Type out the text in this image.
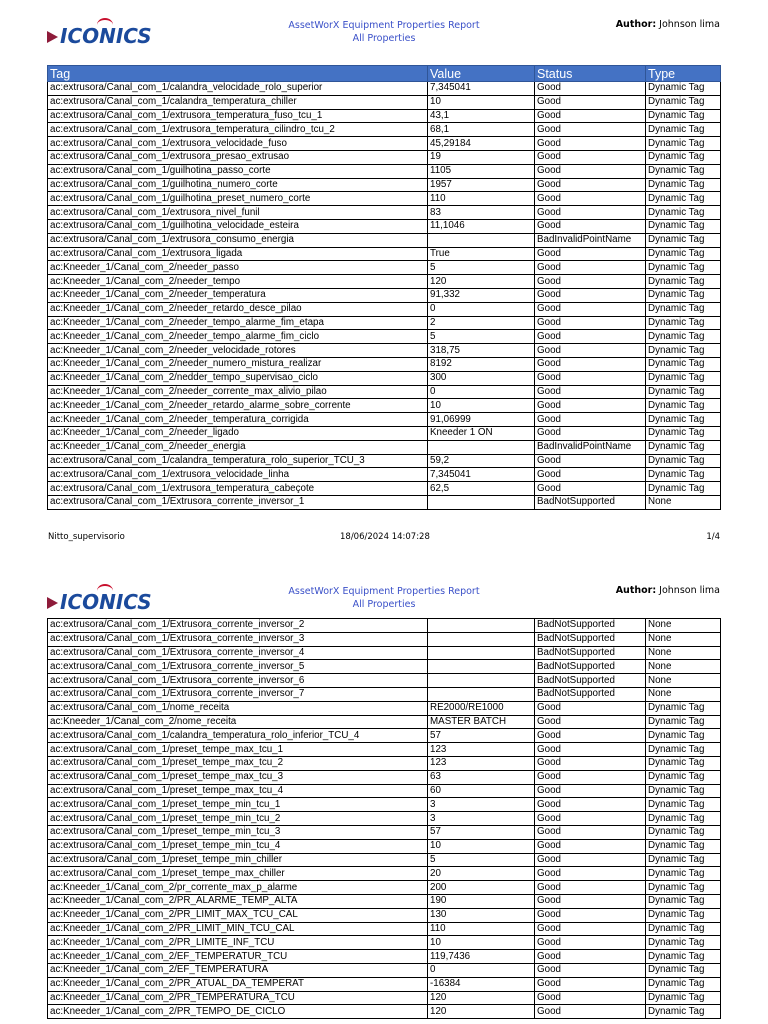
ICONICS	AssetWorX Equipment Properties Report
All Properties
Author: Johnson lima
Tag	Value	Status	Type
ac:extrusora/Canal_com_1/calandra_velocidade_rolo_superior	7,345041	Good	Dynamic Tag
ac:extrusora/Canal_com_1/calandra_temperatura_chiller	10	Good	Dynamic Tag
ac:extrusora/Canal_com_1/extrusora_temperatura_fuso_tcu_1	43,1	Good	Dynamic Tag
ac:extrusora/Canal_com_1/extrusora_temperatura_cilindro_tcu_2	68,1	Good	Dynamic Tag
ac:extrusora/Canal_com_1/extrusora_velocidade_fuso	45,29184	Good	Dynamic Tag
ac:extrusora/Canal_com_1/extrusora_presao_extrusao	19	Good	Dynamic Tag
ac:extrusora/Canal_com_1/guilhotina_passo_corte	1105	Good	Dynamic Tag
ac:extrusora/Canal_com_1/guilhotina_numero_corte	1957	Good	Dynamic Tag
ac:extrusora/Canal_com_1/guilhotina_preset_numero_corte	110	Good	Dynamic Tag
ac:extrusora/Canal_com_1/extrusora_nivel_funil	83	Good	Dynamic Tag
ac:extrusora/Canal_com_1/guilhotina_velocidade_esteira	11,1046	Good	Dynamic Tag
ac:extrusora/Canal_com_1/extrusora_consumo_energia		BadInvalidPointName	Dynamic Tag
ac:extrusora/Canal_com_1/extrusora_ligada	True	Good	Dynamic Tag
ac:Kneeder_1/Canal_com_2/needer_passo	5	Good	Dynamic Tag
ac:Kneeder_1/Canal_com_2/needer_tempo	120	Good	Dynamic Tag
ac:Kneeder_1/Canal_com_2/needer_temperatura	91,332	Good	Dynamic Tag
ac:Kneeder_1/Canal_com_2/needer_retardo_desce_pilao	0	Good	Dynamic Tag
ac:Kneeder_1/Canal_com_2/needer_tempo_alarme_fim_etapa	2	Good	Dynamic Tag
ac:Kneeder_1/Canal_com_2/needer_tempo_alarme_fim_ciclo	5	Good	Dynamic Tag
ac:Kneeder_1/Canal_com_2/needer_velocidade_rotores	318,75	Good	Dynamic Tag
ac:Kneeder_1/Canal_com_2/needer_numero_mistura_realizar	8192	Good	Dynamic Tag
ac:Kneeder_1/Canal_com_2/nedder_tempo_supervisao_ciclo	300	Good	Dynamic Tag
ac:Kneeder_1/Canal_com_2/needer_corrente_max_alivio_pilao	0	Good	Dynamic Tag
ac:Kneeder_1/Canal_com_2/needer_retardo_alarme_sobre_corrente	10	Good	Dynamic Tag
ac:Kneeder_1/Canal_com_2/needer_temperatura_corrigida	91,06999	Good	Dynamic Tag
ac:Kneeder_1/Canal_com_2/needer_ligado	Kneeder 1 ON	Good	Dynamic Tag
ac:Kneeder_1/Canal_com_2/needer_energia		BadInvalidPointName	Dynamic Tag
ac:extrusora/Canal_com_1/calandra_temperatura_rolo_superior_TCU_3	59,2	Good	Dynamic Tag
ac:extrusora/Canal_com_1/extrusora_velocidade_linha	7,345041	Good	Dynamic Tag
ac:extrusora/Canal_com_1/extrusora_temperatura_cabeçote	62,5	Good	Dynamic Tag
ac:extrusora/Canal_com_1/Extrusora_corrente_inversor_1		BadNotSupported	None
Nitto_supervisorio	18/06/2024 14:07:28	1/4
ICONICS	AssetWorX Equipment Properties Report
All Properties
Author: Johnson lima
ac:extrusora/Canal_com_1/Extrusora_corrente_inversor_2		BadNotSupported	None
ac:extrusora/Canal_com_1/Extrusora_corrente_inversor_3		BadNotSupported	None
ac:extrusora/Canal_com_1/Extrusora_corrente_inversor_4		BadNotSupported	None
ac:extrusora/Canal_com_1/Extrusora_corrente_inversor_5		BadNotSupported	None
ac:extrusora/Canal_com_1/Extrusora_corrente_inversor_6		BadNotSupported	None
ac:extrusora/Canal_com_1/Extrusora_corrente_inversor_7		BadNotSupported	None
ac:extrusora/Canal_com_1/nome_receita	RE2000/RE1000	Good	Dynamic Tag
ac:Kneeder_1/Canal_com_2/nome_receita	MASTER BATCH	Good	Dynamic Tag
ac:extrusora/Canal_com_1/calandra_temperatura_rolo_inferior_TCU_4	57	Good	Dynamic Tag
ac:extrusora/Canal_com_1/preset_tempe_max_tcu_1	123	Good	Dynamic Tag
ac:extrusora/Canal_com_1/preset_tempe_max_tcu_2	123	Good	Dynamic Tag
ac:extrusora/Canal_com_1/preset_tempe_max_tcu_3	63	Good	Dynamic Tag
ac:extrusora/Canal_com_1/preset_tempe_max_tcu_4	60	Good	Dynamic Tag
ac:extrusora/Canal_com_1/preset_tempe_min_tcu_1	3	Good	Dynamic Tag
ac:extrusora/Canal_com_1/preset_tempe_min_tcu_2	3	Good	Dynamic Tag
ac:extrusora/Canal_com_1/preset_tempe_min_tcu_3	57	Good	Dynamic Tag
ac:extrusora/Canal_com_1/preset_tempe_min_tcu_4	10	Good	Dynamic Tag
ac:extrusora/Canal_com_1/preset_tempe_min_chiller	5	Good	Dynamic Tag
ac:extrusora/Canal_com_1/preset_tempe_max_chiller	20	Good	Dynamic Tag
ac:Kneeder_1/Canal_com_2/pr_corrente_max_p_alarme	200	Good	Dynamic Tag
ac:Kneeder_1/Canal_com_2/PR_ALARME_TEMP_ALTA	190	Good	Dynamic Tag
ac:Kneeder_1/Canal_com_2/PR_LIMIT_MAX_TCU_CAL	130	Good	Dynamic Tag
ac:Kneeder_1/Canal_com_2/PR_LIMIT_MIN_TCU_CAL	110	Good	Dynamic Tag
ac:Kneeder_1/Canal_com_2/PR_LIMITE_INF_TCU	10	Good	Dynamic Tag
ac:Kneeder_1/Canal_com_2/EF_TEMPERATUR_TCU	119,7436	Good	Dynamic Tag
ac:Kneeder_1/Canal_com_2/EF_TEMPERATURA	0	Good	Dynamic Tag
ac:Kneeder_1/Canal_com_2/PR_ATUAL_DA_TEMPERAT	-16384	Good	Dynamic Tag
ac:Kneeder_1/Canal_com_2/PR_TEMPERATURA_TCU	120	Good	Dynamic Tag
ac:Kneeder_1/Canal_com_2/PR_TEMPO_DE_CICLO	120	Good	Dynamic Tag
